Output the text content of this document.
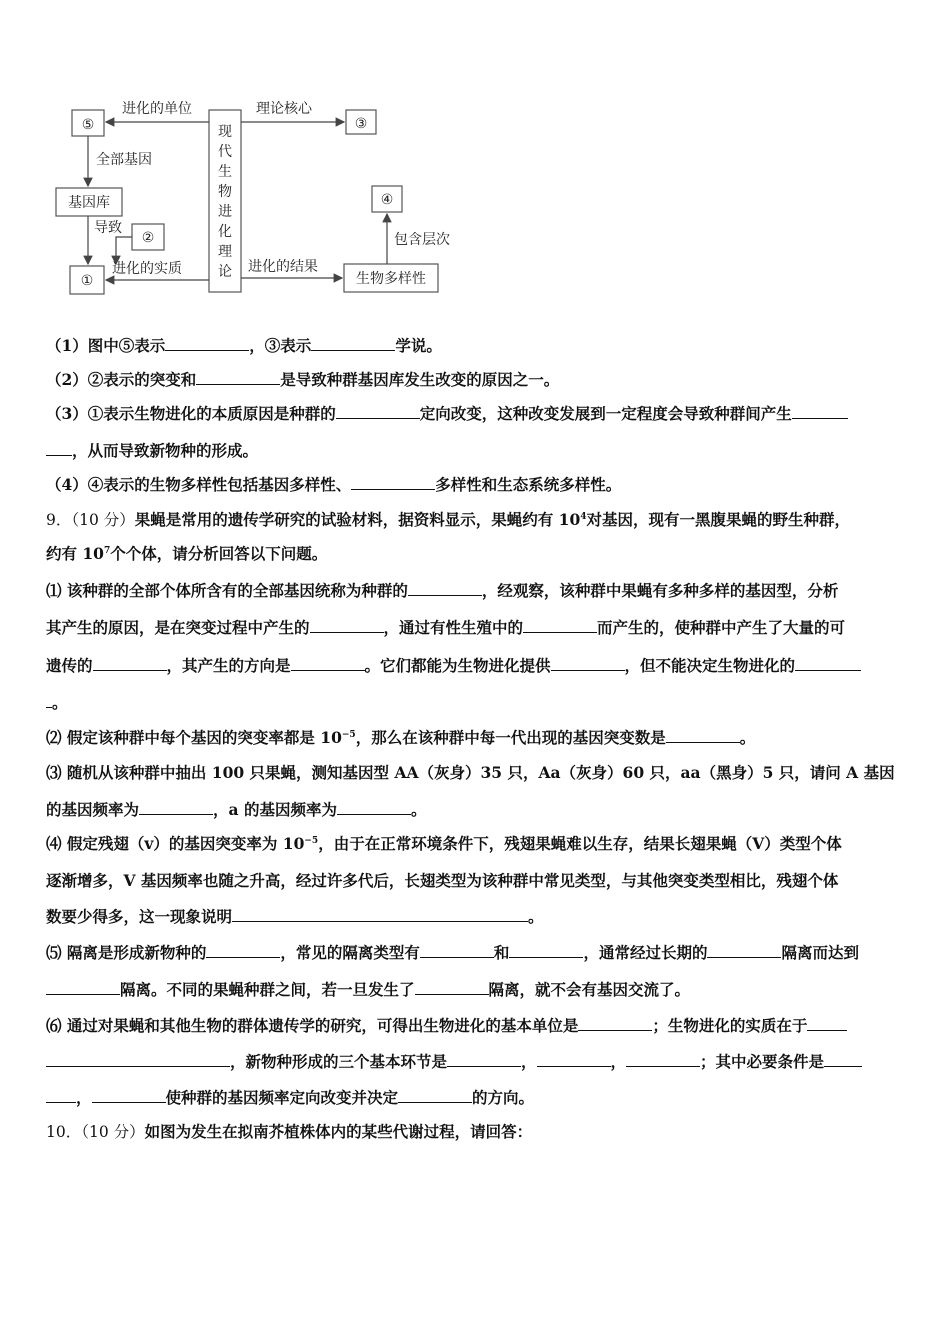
现
代
生
物
进
化
理
论
⑤	③
基因库
②
①
④
生物多样性
进化的单位	理论核心
全部基因
导致
进化的实质	进化的结果
包含层次
（1）图中⑤表示	，③表示	学说。
（2）②表示的突变和	是导致种群基因库发生改变的原因之一。
（3）①表示生物进化的本质原因是种群的	定向改变，这种改变发展到一定程度会导致种群间产生
，从而导致新物种的形成。
（4）④表示的生物多样性包括基因多样性、	多样性和生态系统多样性。
9．（10 分）果蝇是常用的遗传学研究的试验材料，据资料显示，果蝇约有 $10^4$对基因，现有一黑腹果蝇的野生种群，
约有 $10^7$个个体，请分析回答以下问题。
⑴ 该种群的全部个体所含有的全部基因统称为种群的	，经观察，该种群中果蝇有多种多样的基因型，分析
其产生的原因，是在突变过程中产生的	，通过有性生殖中的	而产生的，使种群中产生了大量的可
遗传的	，其产生的方向是	。它们都能为生物进化提供	，但不能决定生物进化的
。
⑵ 假定该种群中每个基因的突变率都是 $10^{-5}$，那么在该种群中每一代出现的基因突变数是	。
⑶ 随机从该种群中抽出 100 只果蝇，测知基因型 AA（灰身）35 只，Aa（灰身）60 只，aa（黑身）5 只，请问 A 基因
的基因频率为	，a 的基因频率为	。
⑷ 假定残翅（v）的基因突变率为 $10^{-5}$，由于在正常环境条件下，残翅果蝇难以生存，结果长翅果蝇（V）类型个体
逐渐增多，V 基因频率也随之升高，经过许多代后，长翅类型为该种群中常见类型，与其他突变类型相比，残翅个体
数要少得多，这一现象说明	。
⑸ 隔离是形成新物种的	，常见的隔离类型有	和	，通常经过长期的	隔离而达到
隔离。不同的果蝇种群之间，若一旦发生了	隔离，就不会有基因交流了。
⑹ 通过对果蝇和其他生物的群体遗传学的研究，可得出生物进化的基本单位是	；生物进化的实质在于
，新物种形成的三个基本环节是	，	，	；其中必要条件是
，	使种群的基因频率定向改变并决定	的方向。
10．（10 分）如图为发生在拟南芥植株体内的某些代谢过程，请回答：
